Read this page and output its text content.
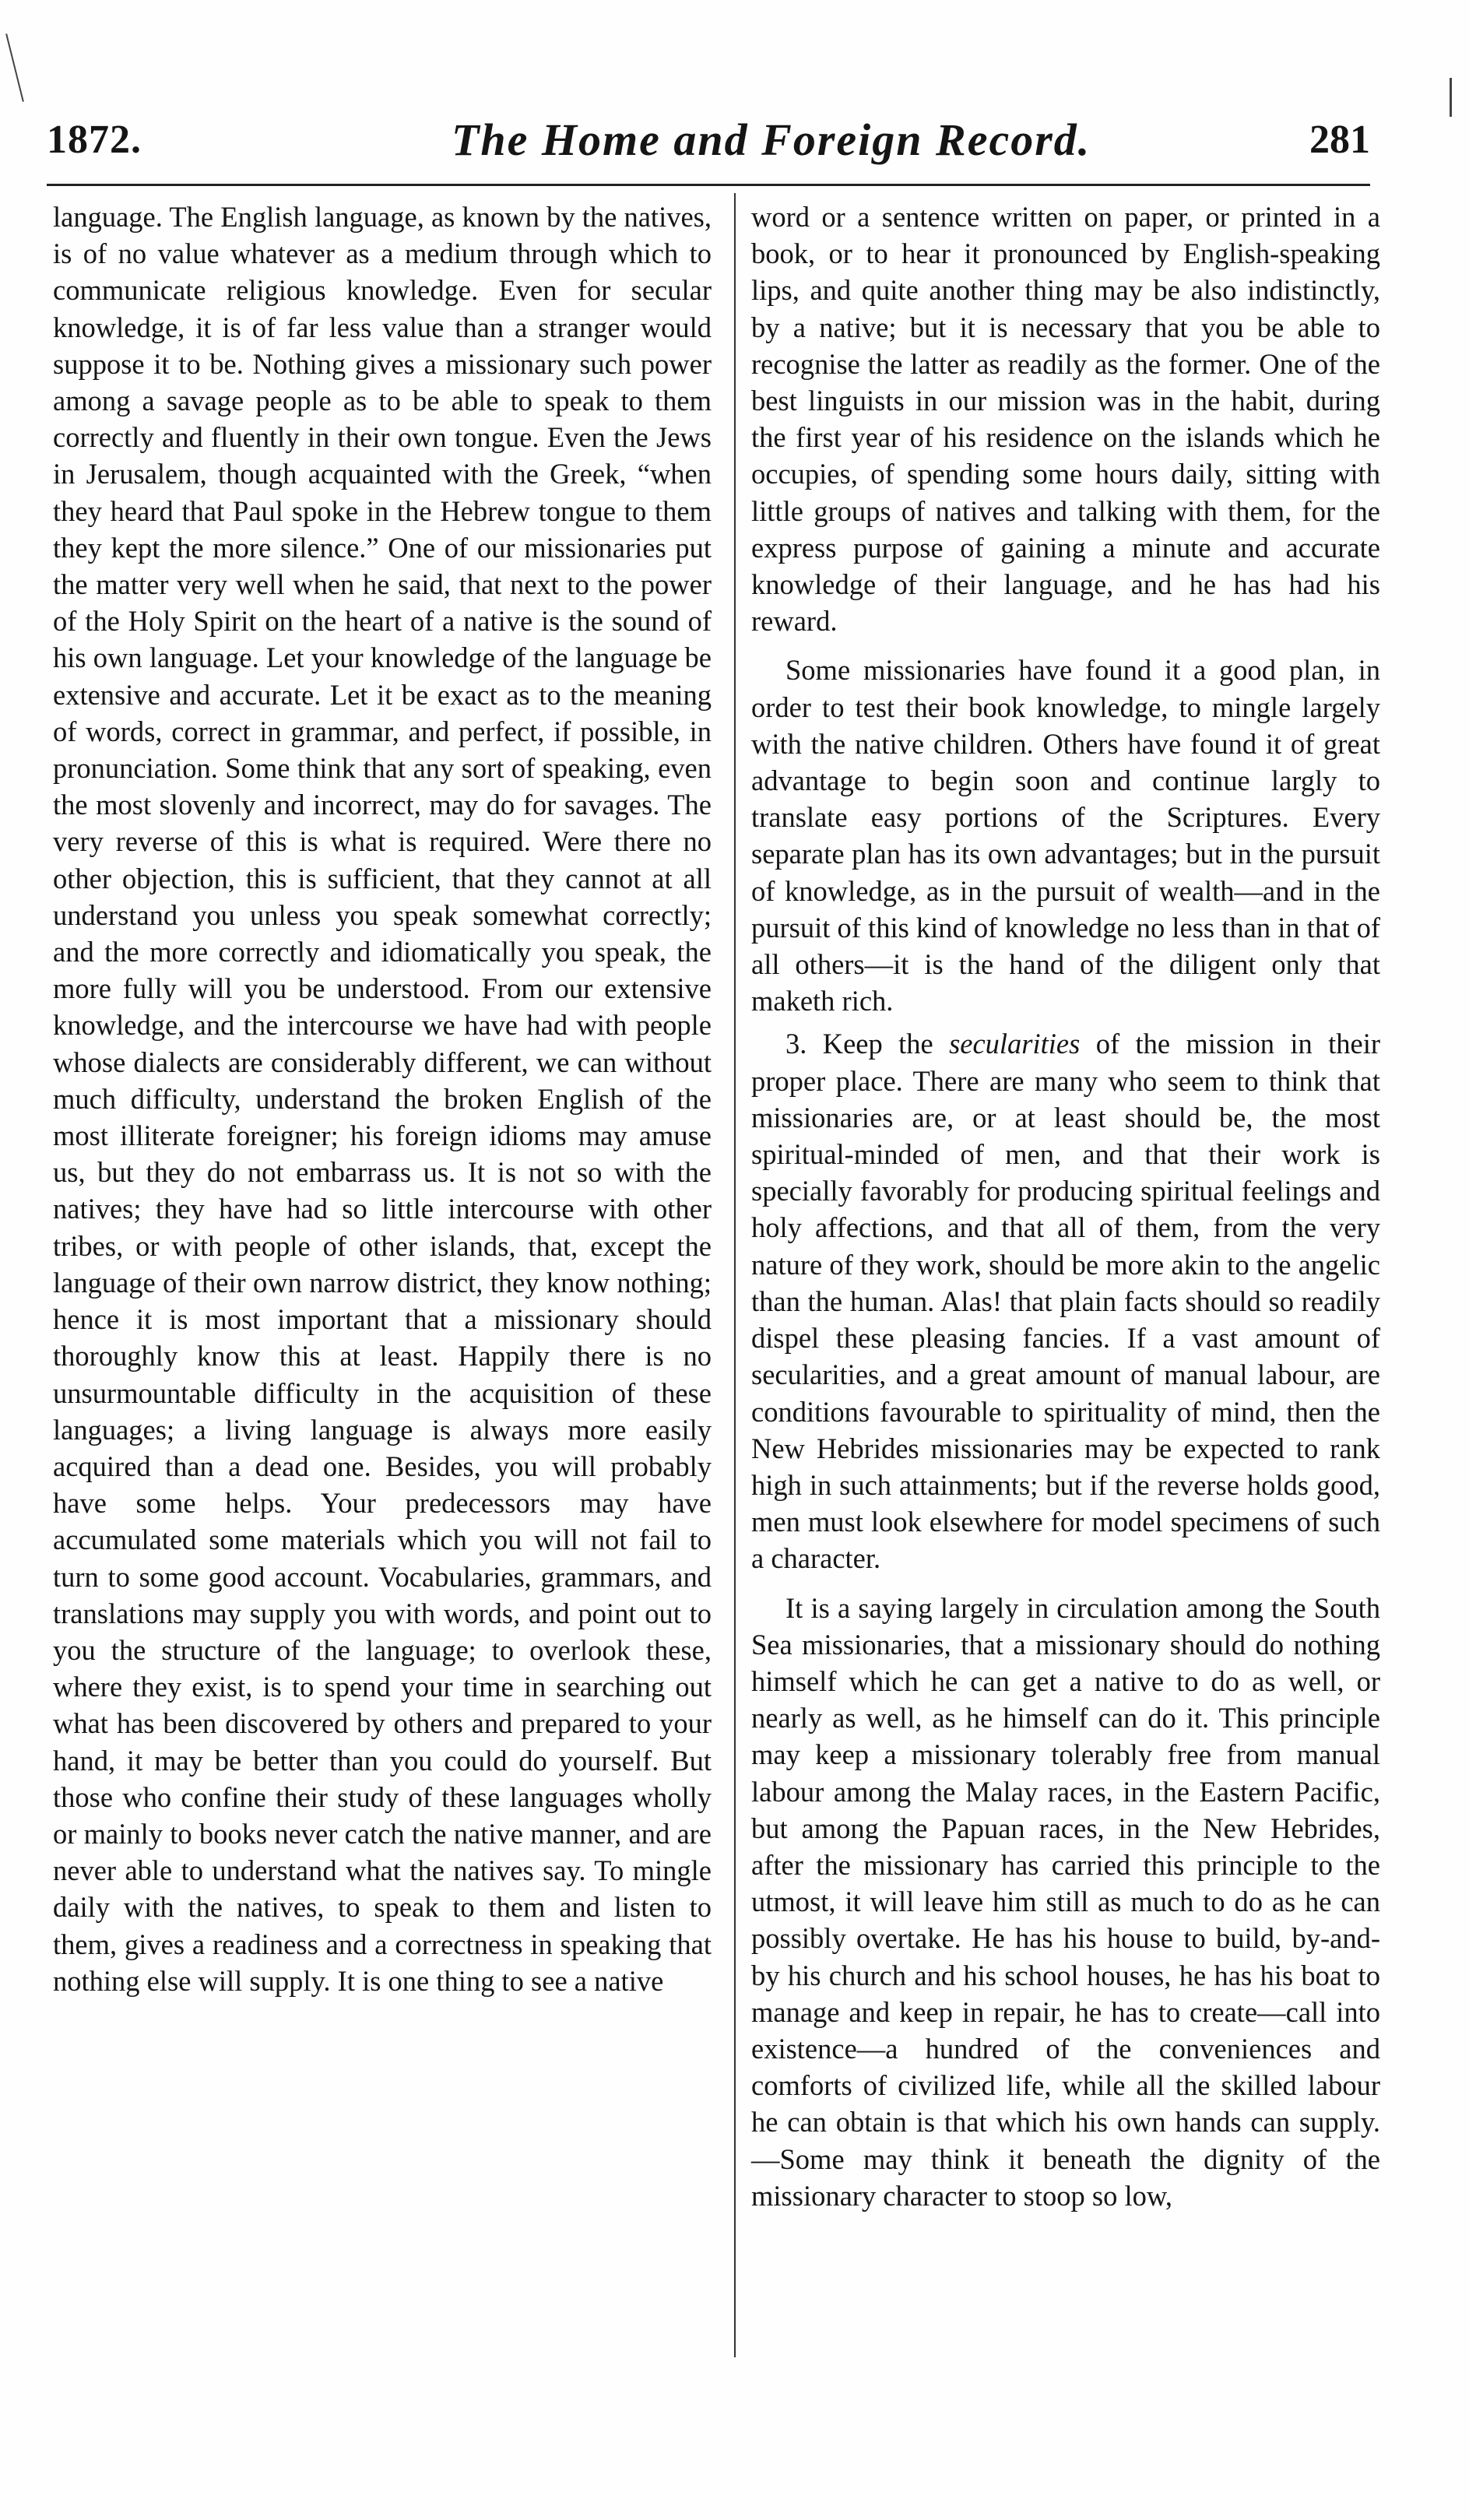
1872.	The Home and Foreign Record.	281

language. The English language, as known by the natives, is of no value whatever as a medium through which to communicate religious knowledge. Even for secular knowledge, it is of far less value than a stranger would suppose it to be. Nothing gives a missionary such power among a savage people as to be able to speak to them correctly and fluently in their own tongue. Even the Jews in Jerusalem, though acquainted with the Greek, “when they heard that Paul spoke in the Hebrew tongue to them they kept the more silence.” One of our missionaries put the matter very well when he said, that next to the power of the Holy Spirit on the heart of a native is the sound of his own language. Let your knowledge of the language be extensive and accurate. Let it be exact as to the meaning of words, correct in grammar, and perfect, if possible, in pronunciation. Some think that any sort of speaking, even the most slovenly and incorrect, may do for savages. The very reverse of this is what is required. Were there no other objection, this is sufficient, that they cannot at all understand you unless you speak somewhat correctly; and the more correctly and idiomatically you speak, the more fully will you be understood. From our extensive knowledge, and the intercourse we have had with people whose dialects are considerably different, we can without much difficulty, understand the broken English of the most illiterate foreigner; his foreign idioms may amuse us, but they do not embarrass us. It is not so with the natives; they have had so little intercourse with other tribes, or with people of other islands, that, except the language of their own narrow district, they know nothing; hence it is most important that a missionary should thoroughly know this at least. Happily there is no unsurmountable difficulty in the acquisition of these languages; a living language is always more easily acquired than a dead one. Besides, you will probably have some helps. Your predecessors may have accumulated some materials which you will not fail to turn to some good account. Vocabularies, grammars, and translations may supply you with words, and point out to you the structure of the language; to overlook these, where they exist, is to spend your time in searching out what has been discovered by others and prepared to your hand, it may be better than you could do yourself. But those who confine their study of these languages wholly or mainly to books never catch the native manner, and are never able to understand what the natives say. To mingle daily with the natives, to speak to them and listen to them, gives a readiness and a correctness in speaking that nothing else will supply. It is one thing to see a native

word or a sentence written on paper, or printed in a book, or to hear it pronounced by English-speaking lips, and quite another thing may be also indistinctly, by a native; but it is necessary that you be able to recognise the latter as readily as the former. One of the best linguists in our mission was in the habit, during the first year of his residence on the islands which he occupies, of spending some hours daily, sitting with little groups of natives and talking with them, for the express purpose of gaining a minute and accurate knowledge of their language, and he has had his reward.

Some missionaries have found it a good plan, in order to test their book knowledge, to mingle largely with the native children. Others have found it of great advantage to begin soon and continue largly to translate easy portions of the Scriptures. Every separate plan has its own advantages; but in the pursuit of knowledge, as in the pursuit of wealth—and in the pursuit of this kind of knowledge no less than in that of all others—it is the hand of the diligent only that maketh rich.

3. Keep the secularities of the mission in their proper place. There are many who seem to think that missionaries are, or at least should be, the most spiritual-minded of men, and that their work is specially favorably for producing spiritual feelings and holy affections, and that all of them, from the very nature of they work, should be more akin to the angelic than the human. Alas! that plain facts should so readily dispel these pleasing fancies. If a vast amount of secularities, and a great amount of manual labour, are conditions favourable to spirituality of mind, then the New Hebrides missionaries may be expected to rank high in such attainments; but if the reverse holds good, men must look elsewhere for model specimens of such a character.

It is a saying largely in circulation among the South Sea missionaries, that a missionary should do nothing himself which he can get a native to do as well, or nearly as well, as he himself can do it. This principle may keep a missionary tolerably free from manual labour among the Malay races, in the Eastern Pacific, but among the Papuan races, in the New Hebrides, after the missionary has carried this principle to the utmost, it will leave him still as much to do as he can possibly overtake. He has his house to build, by-and-by his church and his school houses, he has his boat to manage and keep in repair, he has to create—call into existence—a hundred of the conveniences and comforts of civilized life, while all the skilled labour he can obtain is that which his own hands can supply.—Some may think it beneath the dignity of the missionary character to stoop so low,
